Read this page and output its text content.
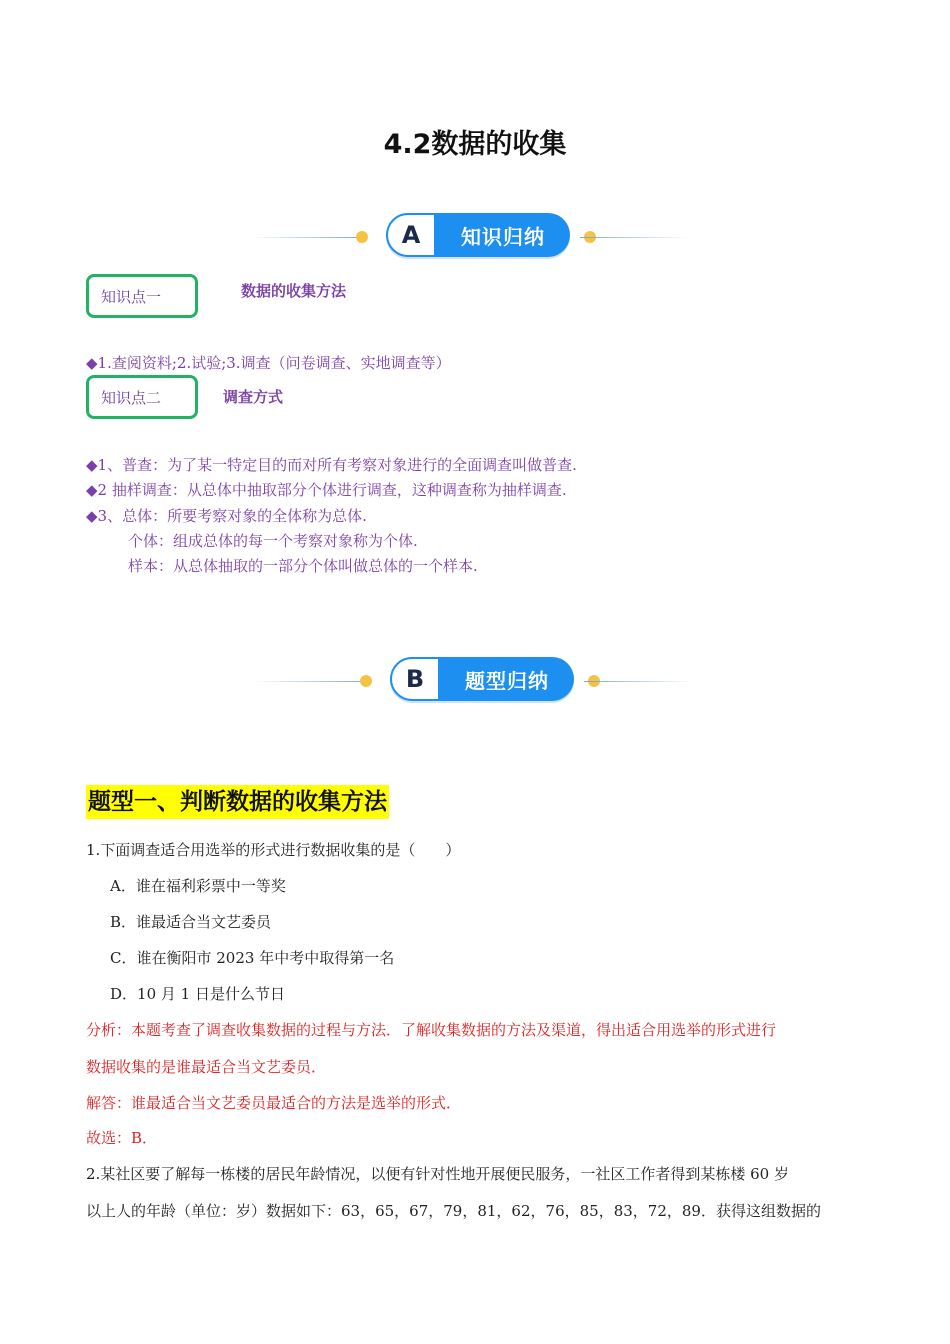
4.2数据的收集
A	知识归纳
知识点一	数据的收集方法
◆1.查阅资料;2.试验;3.调查（问卷调查、实地调查等）
知识点二	调查方式
◆1、普查：为了某一特定目的而对所有考察对象进行的全面调查叫做普查.
◆2 抽样调查：从总体中抽取部分个体进行调查，这种调查称为抽样调查.
◆3、总体：所要考察对象的全体称为总体.
个体：组成总体的每一个考察对象称为个体.
样本：从总体抽取的一部分个体叫做总体的一个样本.
B	题型归纳
题型一、判断数据的收集方法
1.下面调查适合用选举的形式进行数据收集的是（　　）
A．谁在福利彩票中一等奖
B．谁最适合当文艺委员
C．谁在衡阳市 2023 年中考中取得第一名
D．10 月 1 日是什么节日
分析：本题考查了调查收集数据的过程与方法．了解收集数据的方法及渠道，得出适合用选举的形式进行
数据收集的是谁最适合当文艺委员．
解答：谁最适合当文艺委员最适合的方法是选举的形式．
故选：B．
2.某社区要了解每一栋楼的居民年龄情况，以便有针对性地开展便民服务，一社区工作者得到某栋楼 60 岁
以上人的年龄（单位：岁）数据如下：63，65，67，79，81，62，76，85，83，72，89．获得这组数据的
